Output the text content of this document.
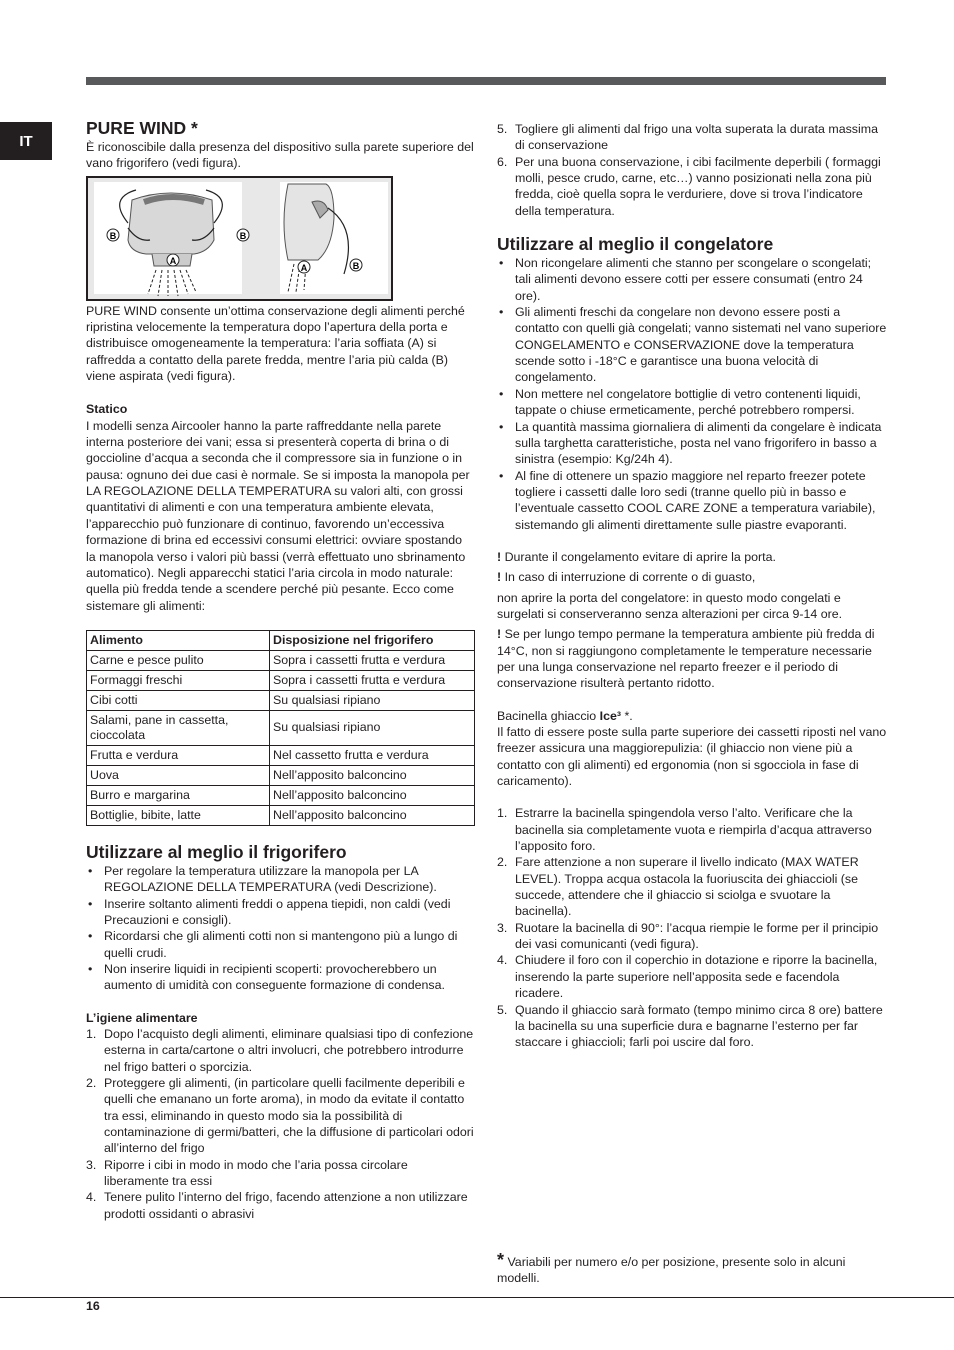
IT
PURE WIND *

È riconoscibile dalla presenza del dispositivo sulla parete superiore del vano frigorifero (vedi figura).

B	B
A
A	B

PURE WIND consente un’ottima conservazione degli alimenti perché ripristina velocemente la temperatura dopo l’apertura della porta e distribuisce omogeneamente la temperatura: l’aria soffiata (A) si raffredda a contatto della parete fredda, mentre l’aria più calda (B) viene aspirata (vedi figura).

Statico

I modelli senza Aircooler hanno la parte raffreddante nella parete interna posteriore dei vani; essa si presenterà coperta di brina o di goccioline d’acqua a seconda che il compressore sia in funzione o in pausa: ognuno dei due casi è normale. Se si imposta la manopola per LA REGOLAZIONE DELLA TEMPERATURA su valori alti, con grossi quantitativi di alimenti e con una temperatura ambiente elevata, l’apparecchio può funzionare di continuo, favorendo un’eccessiva formazione di brina ed eccessivi consumi elettrici: ovviare spostando la manopola verso i valori più bassi (verrà effettuato uno sbrinamento automatico). Negli apparecchi statici l’aria circola in modo naturale: quella più fredda tende a scendere perché più pesante. Ecco come sistemare gli alimenti:

Alimento	Disposizione nel frigorifero
Carne e pesce pulito	Sopra i cassetti frutta e verdura
Formaggi freschi	Sopra i cassetti frutta e verdura
Cibi cotti	Su qualsiasi ripiano
Salami, pane in cassetta, cioccolata	Su qualsiasi ripiano
Frutta e verdura	Nel cassetto frutta e verdura
Uova	Nell’apposito balconcino
Burro e margarina	Nell’apposito balconcino
Bottiglie, bibite, latte	Nell’apposito balconcino
Utilizzare al meglio il frigorifero
• Per regolare la temperatura utilizzare la manopola per LA REGOLAZIONE DELLA TEMPERATURA (vedi Descrizione).
• Inserire soltanto alimenti freddi o appena tiepidi, non caldi (vedi Precauzioni e consigli).
• Ricordarsi che gli alimenti cotti non si mantengono più a lungo di quelli crudi.
• Non inserire liquidi in recipienti scoperti: provocherebbero un aumento di umidità con conseguente formazione di condensa.
L’igiene alimentare
1. Dopo l’acquisto degli alimenti, eliminare qualsiasi tipo di confezione esterna in carta/cartone o altri involucri, che potrebbero introdurre nel frigo batteri o sporcizia.
2. Proteggere gli alimenti, (in particolare quelli facilmente deperibili e quelli che emanano un forte aroma), in modo da evitate il contatto tra essi, eliminando in questo modo sia la possibilità di contaminazione di germi/batteri, che la diffusione di particolari odori all’interno del frigo
3. Riporre i cibi in modo in modo che l’aria possa circolare liberamente tra essi
4. Tenere pulito l’interno del frigo, facendo attenzione a non utilizzare prodotti ossidanti o abrasivi
5. Togliere gli alimenti dal frigo una volta superata la durata massima di conservazione
6. Per una buona conservazione, i cibi facilmente deperbili ( formaggi molli, pesce crudo, carne, etc…) vanno posizionati nella zona più fredda, cioè quella sopra le verduriere, dove si trova l’indicatore della temperatura.
Utilizzare al meglio il congelatore
• Non ricongelare alimenti che stanno per scongelare o scongelati; tali alimenti devono essere cotti per essere consumati (entro 24 ore).
• Gli alimenti freschi da congelare non devono essere posti a contatto con quelli già congelati; vanno sistemati nel vano superiore CONGELAMENTO e CONSERVAZIONE dove la temperatura scende sotto i -18°C e garantisce una buona velocità di congelamento.
• Non mettere nel congelatore bottiglie di vetro contenenti liquidi, tappate o chiuse ermeticamente, perché potrebbero rompersi.
• La quantità massima giornaliera di alimenti da congelare è indicata sulla targhetta caratteristiche, posta nel vano frigorifero in basso a sinistra (esempio: Kg/24h 4).
• Al fine di ottenere un spazio maggiore nel reparto freezer potete togliere i cassetti dalle loro sedi (tranne quello più in basso e l’eventuale cassetto COOL CARE ZONE a temperatura variabile), sistemando gli alimenti direttamente sulle piastre evaporanti.

! Durante il congelamento evitare di aprire la porta.

! In caso di interruzione di corrente o di guasto,

non aprire la porta del congelatore: in questo modo congelati e surgelati si conserveranno senza alterazioni per circa 9-14 ore.

! Se per lungo tempo permane la temperatura ambiente più fredda di 14°C, non si raggiungono completamente le temperature necessarie per una lunga conservazione nel reparto freezer e il periodo di conservazione risulterà pertanto ridotto.

Bacinella ghiaccio Ice³ *.

Il fatto di essere poste sulla parte superiore dei cassetti riposti nel vano freezer assicura una maggiorepulizia: (il ghiaccio non viene più a contatto con gli alimenti) ed ergonomia (non si sgocciola in fase di caricamento).

1. Estrarre la bacinella spingendola verso l’alto. Verificare che la bacinella sia completamente vuota e riempirla d’acqua attraverso l’apposito foro.
2. Fare attenzione a non superare il livello indicato (MAX WATER LEVEL). Troppa acqua ostacola la fuoriuscita dei ghiaccioli (se succede, attendere che il ghiaccio si sciolga e svuotare la bacinella).
3. Ruotare la bacinella di 90°: l’acqua riempie le forme per il principio dei vasi comunicanti (vedi figura).
4. Chiudere il foro con il coperchio in dotazione e riporre la bacinella, inserendo la parte superiore nell’apposita sede e facendola ricadere.
5. Quando il ghiaccio sarà formato (tempo minimo circa 8 ore) battere la bacinella su una superficie dura e bagnarne l’esterno per far staccare i ghiaccioli; farli poi uscire dal foro.
* Variabili per numero e/o per posizione, presente solo in alcuni modelli.
16
